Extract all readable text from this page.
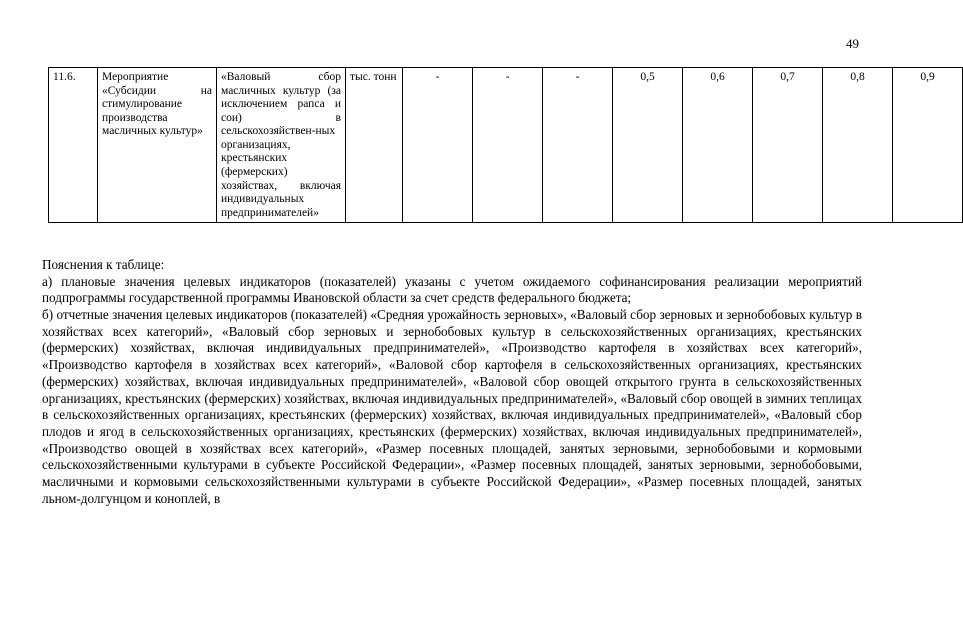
49
11.6.	Мероприятие «Субсидии на стимулирование производства масличных культур»	«Валовый сбор масличных культур (за исключением рапса и сои) в сельскохозяйствен-ных организациях, крестьянских (фермерских) хозяйствах, включая индивидуальных предпринимателей»	тыс. тонн	-	-	-	0,5	0,6	0,7	0,8	0,9

Пояснения к таблице:

а) плановые значения целевых индикаторов (показателей) указаны с учетом ожидаемого софинансирования реализации мероприятий подпрограммы государственной программы Ивановской области за счет средств федерального бюджета;

б) отчетные значения целевых индикаторов (показателей) «Средняя урожайность зерновых», «Валовый сбор зерновых и зернобобовых культур в хозяйствах всех категорий», «Валовый сбор зерновых и зернобобовых культур в сельскохозяйственных организациях, крестьянских (фермерских) хозяйствах, включая индивидуальных предпринимателей», «Производство картофеля в хозяйствах всех категорий», «Производство картофеля в хозяйствах всех категорий», «Валовой сбор картофеля в сельскохозяйственных организациях, крестьянских (фермерских) хозяйствах, включая индивидуальных предпринимателей», «Валовой сбор овощей открытого грунта в сельскохозяйственных организациях, крестьянских (фермерских) хозяйствах, включая индивидуальных предпринимателей», «Валовый сбор овощей в зимних теплицах в сельскохозяйственных организациях, крестьянских (фермерских) хозяйствах, включая индивидуальных предпринимателей», «Валовый сбор плодов и ягод в сельскохозяйственных организациях, крестьянских (фермерских) хозяйствах, включая индивидуальных предпринимателей», «Производство овощей в хозяйствах всех категорий», «Размер посевных площадей, занятых зерновыми, зернобобовыми и кормовыми сельскохозяйственными культурами в субъекте Российской Федерации», «Размер посевных площадей, занятых зерновыми, зернобобовыми, масличными и кормовыми сельскохозяйственными культурами в субъекте Российской Федерации», «Размер посевных площадей, занятых льном-долгунцом и коноплей, в
